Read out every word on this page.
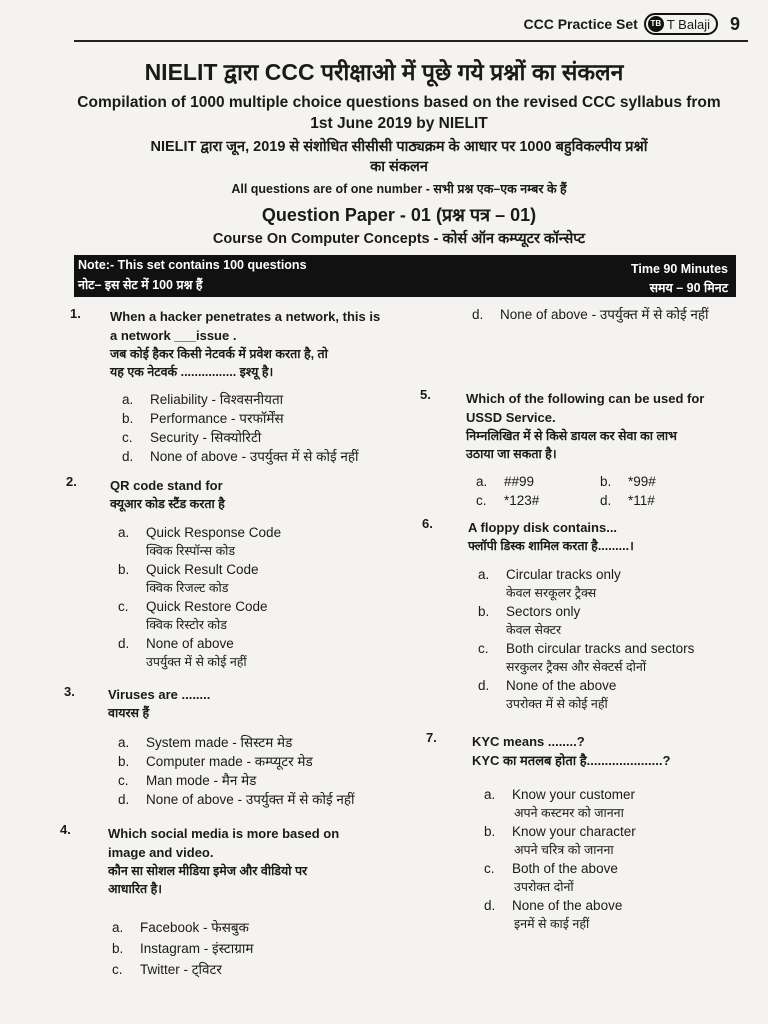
CCC Practice Set	TB T Balaji 9
NIELIT द्वारा CCC परीक्षाओ में पूछे गये प्रश्नों का संकलन
Compilation of 1000 multiple choice questions based on the revised CCC syllabus from
1st June 2019 by NIELIT
NIELIT द्वारा जून, 2019 से संशोधित सीसीसी पाठ्यक्रम के आधार पर 1000 बहुविकल्पीय प्रश्नों
का संकलन
All questions are of one number - सभी प्रश्न एक–एक नम्बर के हैं
Question Paper - 01 (प्रश्न पत्र – 01)
Course On Computer Concepts - कोर्स ऑन कम्प्यूटर कॉन्सेप्ट
Note:- This set contains 100 questions
नोट– इस सेट में 100 प्रश्न हैं
Time 90 Minutes
समय – 90 मिनट
1. When a hacker penetrates a network, this is
a network ___issue .
जब कोई हैकर किसी नेटवर्क में प्रवेश करता है, तो
यह एक नेटवर्क ................ इश्यू है।
a. Reliability - विश्वसनीयता
b. Performance - परफॉर्मेंस
c. Security - सिक्योरिटी
d. None of above - उपर्युक्त में से कोई नहीं
2.	QR code stand for
क्यूआर कोड स्टैंड करता है
a. Quick Response Code
क्विक रिस्पॉन्स कोड
b. Quick Result Code
क्विक रिजल्ट कोड
c. Quick Restore Code
क्विक रिस्टोर कोड
d. None of above
उपर्युक्त में से कोई नहीं
3.	Viruses are ........
वायरस हैं
a. System made - सिस्टम मेड
b. Computer made - कम्प्यूटर मेड
c. Man mode - मैन मेड
d. None of above - उपर्युक्त में से कोई नहीं
4.	Which social media is more based on
image and video.
कौन सा सोशल मीडिया इमेज और वीडियो पर
आधारित है।
a. Facebook - फेसबुक
b. Instagram - इंस्टाग्राम
c. Twitter - ट्विटर
d. None of above - उपर्युक्त में से कोई नहीं
5.	Which of the following can be used for
USSD Service.
निम्नलिखित में से किसे डायल कर सेवा का लाभ
उठाया जा सकता है।
a. ##99	b. *99#
c. *123#	d. *11#
6.	A floppy disk contains...
फ्लॉपी डिस्क शामिल करता है.........।
a. Circular tracks only
केवल सरकूलर ट्रैक्स
b. Sectors only
केवल सेक्टर
c. Both circular tracks and sectors
सरकुलर ट्रैक्स और सेक्टर्स दोनों
d. None of the above
उपरोक्त में से कोई नहीं
7.	KYC means ........?
KYC का मतलब होता है.....................?
a. Know your customer
अपने कस्टमर को जानना
b. Know your character
अपने चरित्र को जानना
c. Both of the above
उपरोक्त दोनों
d. None of the above
इनमें से काई नहीं
